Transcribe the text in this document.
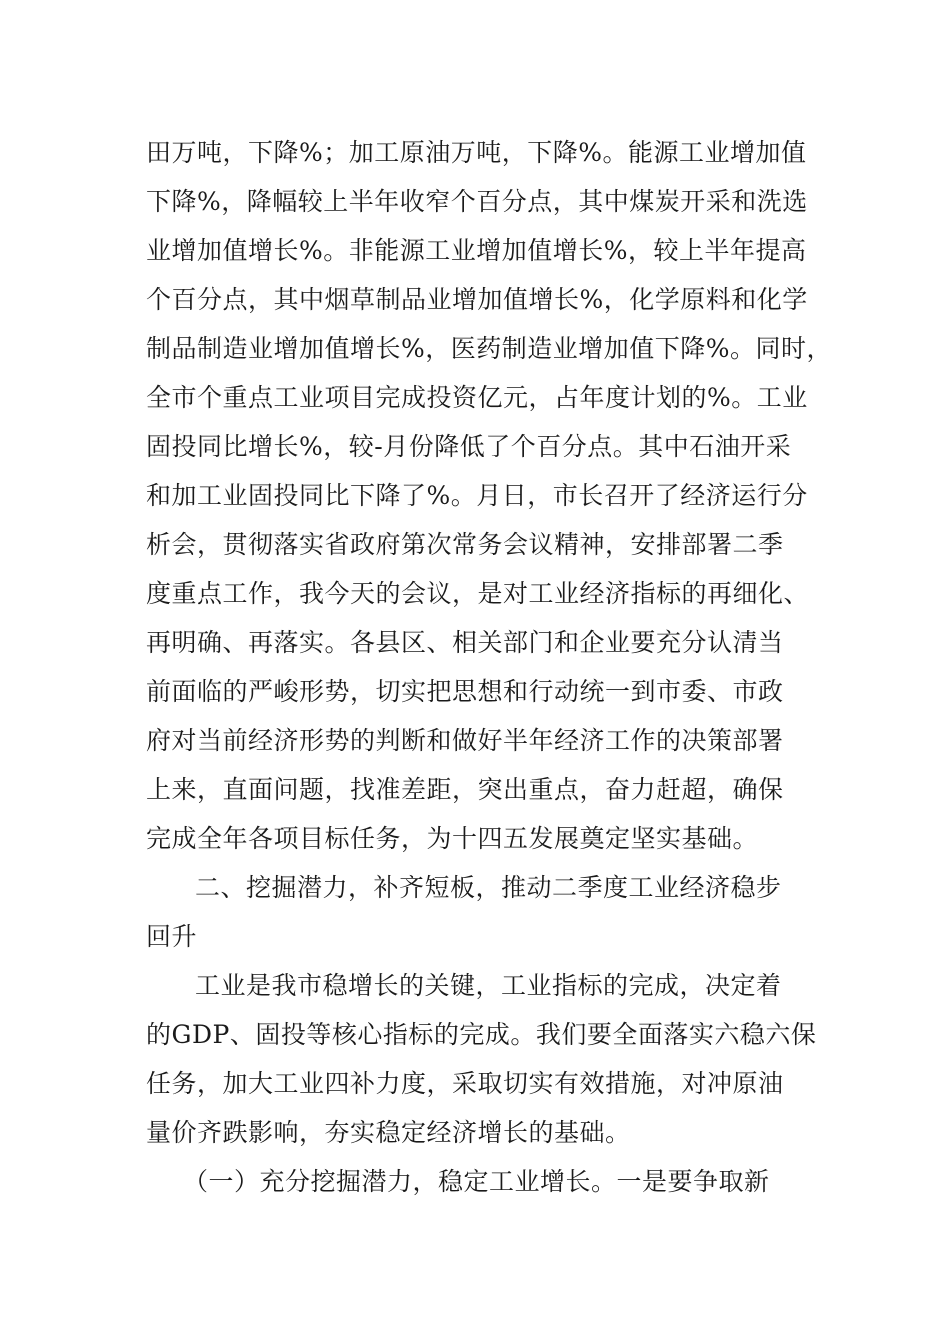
田万吨，下降%；加工原油万吨，下降%。能源工业增加值
下降%，降幅较上半年收窄个百分点，其中煤炭开采和洗选
业增加值增长%。非能源工业增加值增长%，较上半年提高
个百分点，其中烟草制品业增加值增长%，化学原料和化学
制品制造业增加值增长%，医药制造业增加值下降%。同时，
全市个重点工业项目完成投资亿元，占年度计划的%。工业
固投同比增长%，较-月份降低了个百分点。其中石油开采
和加工业固投同比下降了%。月日，市长召开了经济运行分
析会，贯彻落实省政府第次常务会议精神，安排部署二季
度重点工作，我今天的会议，是对工业经济指标的再细化、
再明确、再落实。各县区、相关部门和企业要充分认清当
前面临的严峻形势，切实把思想和行动统一到市委、市政
府对当前经济形势的判断和做好半年经济工作的决策部署
上来，直面问题，找准差距，突出重点，奋力赶超，确保
完成全年各项目标任务，为十四五发展奠定坚实基础。
二、挖掘潜力，补齐短板，推动二季度工业经济稳步
回升
工业是我市稳增长的关键，工业指标的完成，决定着
的GDP、固投等核心指标的完成。我们要全面落实六稳六保
任务，加大工业四补力度，采取切实有效措施，对冲原油
量价齐跌影响，夯实稳定经济增长的基础。
（一）充分挖掘潜力，稳定工业增长。一是要争取新
